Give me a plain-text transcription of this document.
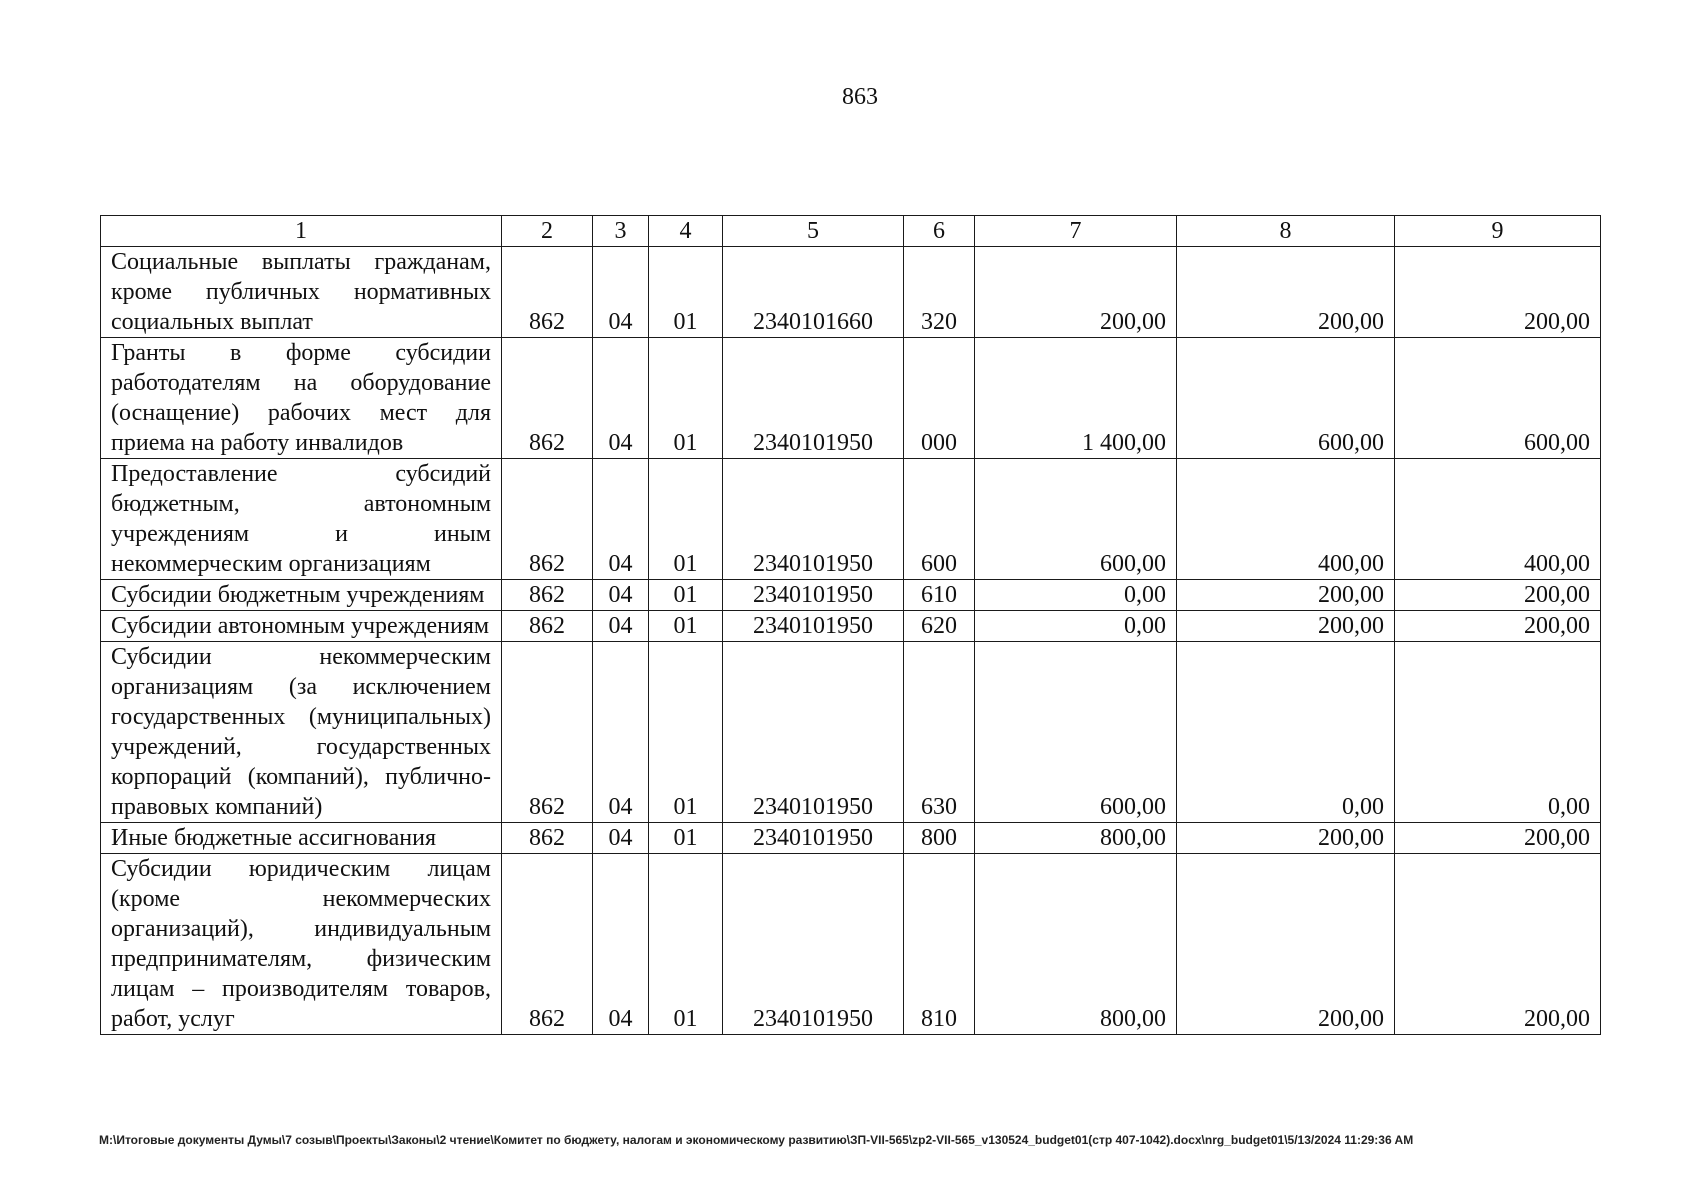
863
1	2	3	4	5	6	7	8	9
Социальные выплаты гражданам, кроме публичных нормативных социальных выплат	862	04	01	2340101660	320	200,00	200,00	200,00
Гранты в форме субсидии работодателям на оборудование (оснащение) рабочих мест для приема на работу инвалидов	862	04	01	2340101950	000	1 400,00	600,00	600,00
Предоставление субсидий бюджетным, автономным учреждениям и иным некоммерческим организациям	862	04	01	2340101950	600	600,00	400,00	400,00
Субсидии бюджетным учреждениям	862	04	01	2340101950	610	0,00	200,00	200,00
Субсидии автономным учреждениям	862	04	01	2340101950	620	0,00	200,00	200,00
Субсидии некоммерческим организациям (за исключением государственных (муниципальных) учреждений, государственных корпораций (компаний), публично-правовых компаний)	862	04	01	2340101950	630	600,00	0,00	0,00
Иные бюджетные ассигнования	862	04	01	2340101950	800	800,00	200,00	200,00
Субсидии юридическим лицам (кроме некоммерческих организаций), индивидуальным предпринимателям, физическим лицам – производителям товаров, работ, услуг	862	04	01	2340101950	810	800,00	200,00	200,00
M:\Итоговые документы Думы\7 созыв\Проекты\Законы\2 чтение\Комитет по бюджету, налогам и экономическому развитию\ЗП-VII-565\zp2-VII-565_v130524_budget01(стр 407-1042).docx\nrg_budget01\5/13/2024 11:29:36 AM
